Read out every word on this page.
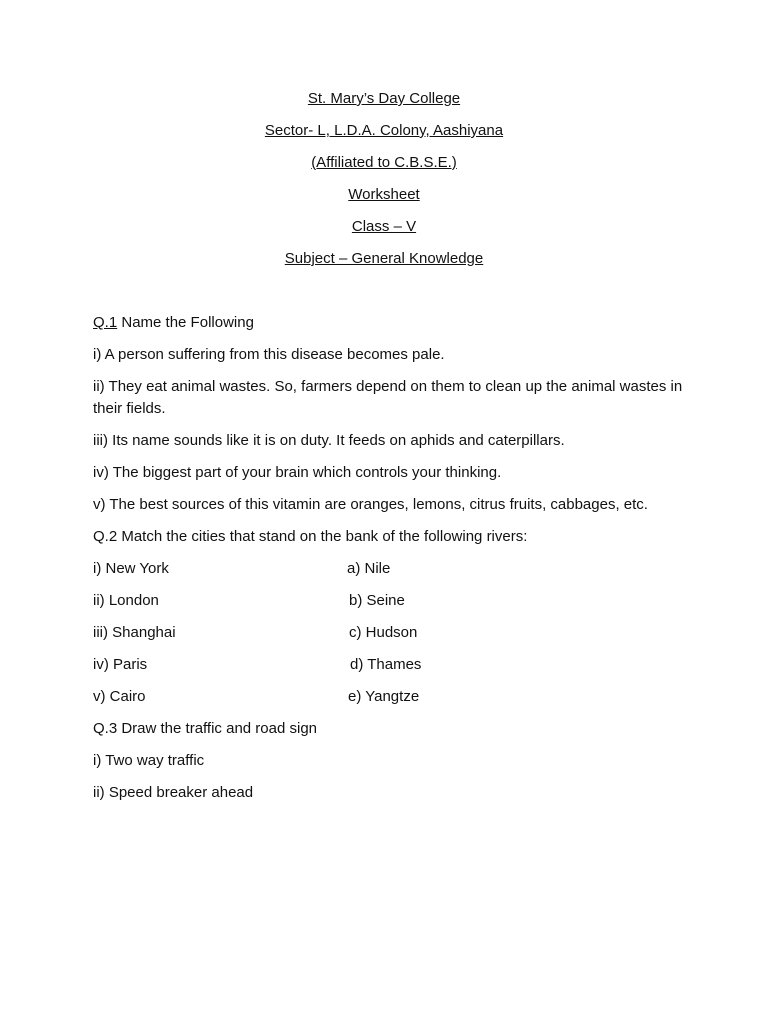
St. Mary’s Day College
Sector- L, L.D.A. Colony, Aashiyana
(Affiliated to C.B.S.E.)
Worksheet
Class – V
Subject – General Knowledge
Q.1 Name the Following
i) A person suffering from this disease becomes pale.
ii) They eat animal wastes. So, farmers depend on them to clean up the animal wastes in their fields.
iii) Its name sounds like it is on duty. It feeds on aphids and caterpillars.
iv) The biggest part of your brain which controls your thinking.
v) The best sources of this vitamin are oranges, lemons, citrus fruits, cabbages, etc.
Q.2 Match the cities that stand on the bank of the following rivers:
i) New York	a) Nile
ii) London	b) Seine
iii) Shanghai	c) Hudson
iv) Paris	d) Thames
v) Cairo	e) Yangtze
Q.3 Draw the traffic and road sign
i) Two way traffic
ii) Speed breaker ahead
